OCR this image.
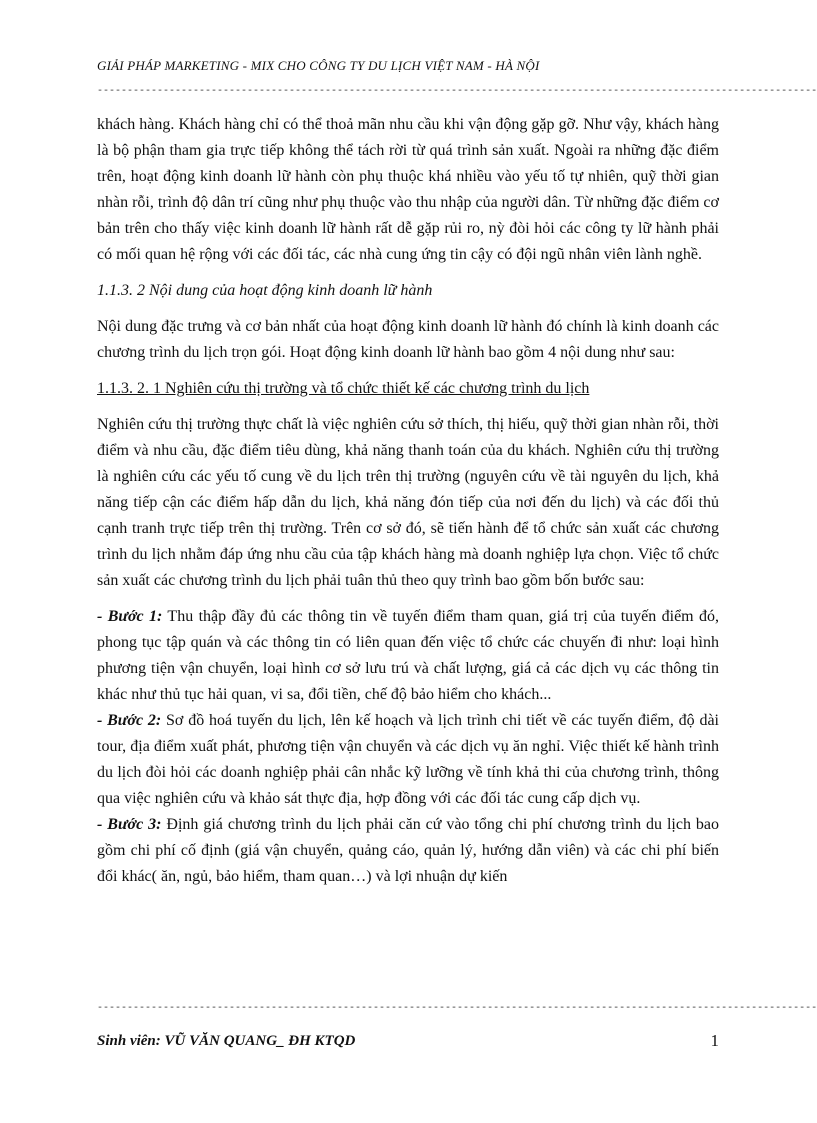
GIẢI PHÁP MARKETING - MIX CHO CÔNG TY DU LỊCH VIỆT NAM - HÀ NỘI
------------------------------------------------------------------------------------------------------------------------

khách hàng. Khách hàng chỉ có thể thoả mãn nhu cầu khi vận động gặp gỡ. Như vậy, khách hàng là bộ phận tham gia trực tiếp không thể tách rời từ quá trình sản xuất. Ngoài ra những đặc điểm trên, hoạt động kinh doanh lữ hành còn phụ thuộc khá nhiều vào yếu tố tự nhiên, quỹ thời gian nhàn rỗi, trình độ dân trí cũng như phụ thuộc vào thu nhập của người dân. Từ những đặc điểm cơ bản trên cho thấy việc kinh doanh lữ hành rất dễ gặp rủi ro, nỳ đòi hỏi các công ty lữ hành phải có mối quan hệ rộng với các đối tác, các nhà cung ứng tin cậy có đội ngũ nhân viên lành nghề.

1.1.3. 2 Nội dung của hoạt động kinh doanh lữ hành

Nội dung đặc trưng và cơ bản nhất của hoạt động kinh doanh lữ hành đó chính là kinh doanh các chương trình du lịch trọn gói. Hoạt động kinh doanh lữ hành bao gồm 4 nội dung như sau:

1.1.3. 2. 1 Nghiên cứu thị trường và tổ chức thiết kế các chương trình du lịch

Nghiên cứu thị trường thực chất là việc nghiên cứu sở thích, thị hiếu, quỹ thời gian nhàn rỗi, thời điểm và nhu cầu, đặc điểm tiêu dùng, khả năng thanh toán của du khách. Nghiên cứu thị trường là nghiên cứu các yếu tố cung về du lịch trên thị trường (nguyên cứu về tài nguyên du lịch, khả năng tiếp cận các điểm hấp dẫn du lịch, khả năng đón tiếp của nơi đến du lịch) và các đối thủ cạnh tranh trực tiếp trên thị trường. Trên cơ sở đó, sẽ tiến hành để tổ chức sản xuất các chương trình du lịch nhằm đáp ứng nhu cầu của tập khách hàng mà doanh nghiệp lựa chọn. Việc tổ chức sản xuất các chương trình du lịch phải tuân thủ theo quy trình bao gồm bốn bước sau:

- Bước 1: Thu thập đầy đủ các thông tin về tuyến điểm tham quan, giá trị của tuyến điểm đó, phong tục tập quán và các thông tin có liên quan đến việc tổ chức các chuyến đi như: loại hình phương tiện vận chuyển, loại hình cơ sở lưu trú và chất lượng, giá cả các dịch vụ các thông tin khác như thủ tục hải quan, vi sa, đổi tiền, chế độ bảo hiểm cho khách...

- Bước 2: Sơ đồ hoá tuyến du lịch, lên kế hoạch và lịch trình chi tiết về các tuyến điểm, độ dài tour, địa điểm xuất phát, phương tiện vận chuyển và các dịch vụ ăn nghỉ. Việc thiết kế hành trình du lịch đòi hỏi các doanh nghiệp phải cân nhắc kỹ lưỡng về tính khả thi của chương trình, thông qua việc nghiên cứu và khảo sát thực địa, hợp đồng với các đối tác cung cấp dịch vụ.

- Bước 3: Định giá chương trình du lịch phải căn cứ vào tổng chi phí chương trình du lịch bao gồm chi phí cố định (giá vận chuyển, quảng cáo, quản lý, hướng dẫn viên) và các chi phí biến đổi khác( ăn, ngủ, bảo hiểm, tham quan…) và lợi nhuận dự kiến

------------------------------------------------------------------------------------------------------------------------
Sinh viên: VŨ VĂN QUANG_ ĐH KTQD	1
